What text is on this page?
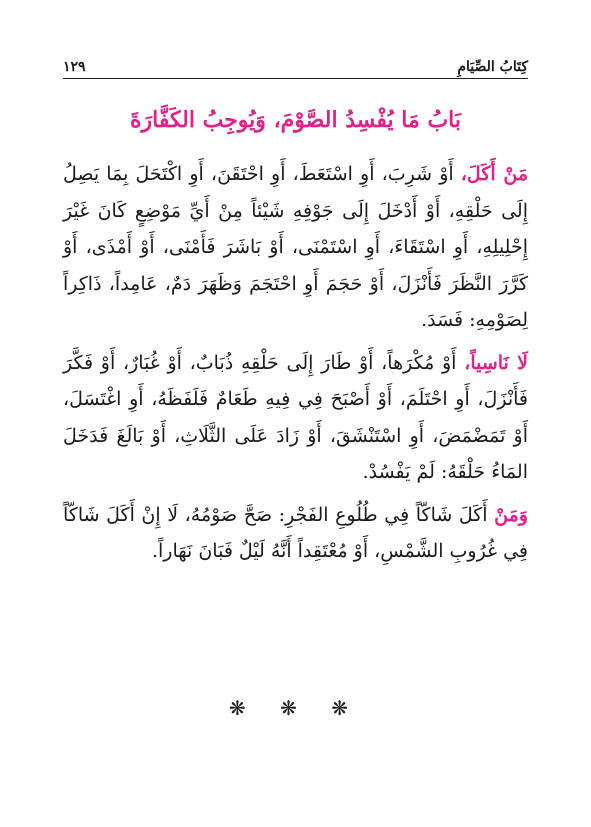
كِتَابُ الصِّيَامِ
١٢٩
بَابُ مَا يُفْسِدُ الصَّوْمَ، وَيُوجِبُ الكَفَّارَةَ

مَنْ أَكَلَ، أَوْ شَرِبَ، أَوِ اسْتَعَطَ، أَوِ احْتَقَنَ، أَوِ اكْتَحَلَ بِمَا يَصِلُ إِلَى حَلْقِهِ، أَوْ أَدْخَلَ إِلَى جَوْفِهِ شَيْئاً مِنْ أَيِّ مَوْضِعٍ كَانَ غَيْرَ إِحْلِيلِهِ، أَوِ اسْتَقَاءَ، أَوِ اسْتَمْنَى، أَوْ بَاشَرَ فَأَمْنَى، أَوْ أَمْذَى، أَوْ كَرَّرَ النَّظَرَ فَأَنْزَلَ، أَوْ حَجَمَ أَوِ احْتَجَمَ وَظَهَرَ دَمٌ، عَامِداً، ذَاكِراً لِصَوْمِهِ: فَسَدَ.

لَا نَاسِياً، أَوْ مُكْرَهاً، أَوْ طَارَ إِلَى حَلْقِهِ ذُبَابٌ، أَوْ غُبَارٌ، أَوْ فَكَّرَ فَأَنْزَلَ، أَوِ احْتَلَمَ، أَوْ أَصْبَحَ فِي فِيهِ طَعَامٌ فَلَفَظَهُ، أَوِ اغْتَسَلَ، أَوْ تَمَضْمَضَ، أَوِ اسْتَنْشَقَ، أَوْ زَادَ عَلَى الثَّلَاثِ، أَوْ بَالَغَ فَدَخَلَ المَاءُ حَلْقَهُ: لَمْ يَفْسُدْ.

وَمَنْ أَكَلَ شَاكّاً فِي طُلُوعِ الفَجْرِ: صَحَّ صَوْمُهُ، لَا إِنْ أَكَلَ شَاكّاً فِي غُرُوبِ الشَّمْسِ، أَوْ مُعْتَقِداً أَنَّهُ لَيْلٌ فَبَانَ نَهَاراً.

❋ ❋ ❋
